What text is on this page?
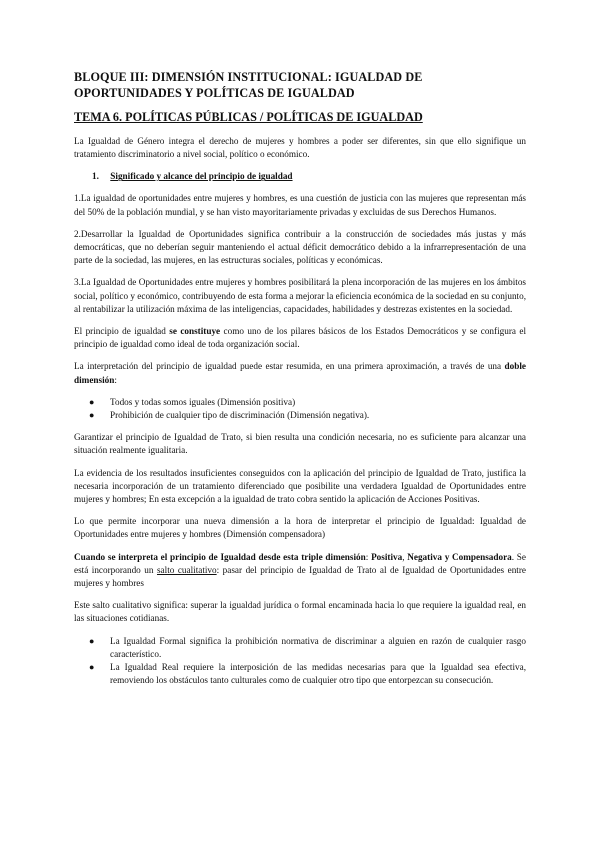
BLOQUE III: DIMENSIÓN INSTITUCIONAL: IGUALDAD DE OPORTUNIDADES Y POLÍTICAS DE IGUALDAD
TEMA 6. POLÍTICAS PÚBLICAS / POLÍTICAS DE IGUALDAD

La Igualdad de Género integra el derecho de mujeres y hombres a poder ser diferentes, sin que ello signifique un tratamiento discriminatorio a nivel social, político o económico.

1. Significado y alcance del principio de igualdad

1.La igualdad de oportunidades entre mujeres y hombres, es una cuestión de justicia con las mujeres que representan más del 50% de la población mundial, y se han visto mayoritariamente privadas y excluidas de sus Derechos Humanos.

2.Desarrollar la Igualdad de Oportunidades significa contribuir a la construcción de sociedades más justas y más democráticas, que no deberían seguir manteniendo el actual déficit democrático debido a la infrarrepresentación de una parte de la sociedad, las mujeres, en las estructuras sociales, políticas y económicas.

3.La Igualdad de Oportunidades entre mujeres y hombres posibilitará la plena incorporación de las mujeres en los ámbitos social, político y económico, contribuyendo de esta forma a mejorar la eficiencia económica de la sociedad en su conjunto, al rentabilizar la utilización máxima de las inteligencias, capacidades, habilidades y destrezas existentes en la sociedad.

El principio de igualdad se constituye como uno de los pilares básicos de los Estados Democráticos y se configura el principio de igualdad como ideal de toda organización social.

La interpretación del principio de igualdad puede estar resumida, en una primera aproximación, a través de una doble dimensión:

● Todos y todas somos iguales (Dimensión positiva)
● Prohibición de cualquier tipo de discriminación (Dimensión negativa).

Garantizar el principio de Igualdad de Trato, si bien resulta una condición necesaria, no es suficiente para alcanzar una situación realmente igualitaria.

La evidencia de los resultados insuficientes conseguidos con la aplicación del principio de Igualdad de Trato, justifica la necesaria incorporación de un tratamiento diferenciado que posibilite una verdadera Igualdad de Oportunidades entre mujeres y hombres; En esta excepción a la igualdad de trato cobra sentido la aplicación de Acciones Positivas.

Lo que permite incorporar una nueva dimensión a la hora de interpretar el principio de Igualdad: Igualdad de Oportunidades entre mujeres y hombres (Dimensión compensadora)

Cuando se interpreta el principio de Igualdad desde esta triple dimensión: Positiva, Negativa y Compensadora. Se está incorporando un salto cualitativo: pasar del principio de Igualdad de Trato al de Igualdad de Oportunidades entre mujeres y hombres

Este salto cualitativo significa: superar la igualdad jurídica o formal encaminada hacia lo que requiere la igualdad real, en las situaciones cotidianas.

● La Igualdad Formal significa la prohibición normativa de discriminar a alguien en razón de cualquier rasgo característico.
● La Igualdad Real requiere la interposición de las medidas necesarias para que la Igualdad sea efectiva, removiendo los obstáculos tanto culturales como de cualquier otro tipo que entorpezcan su consecución.
